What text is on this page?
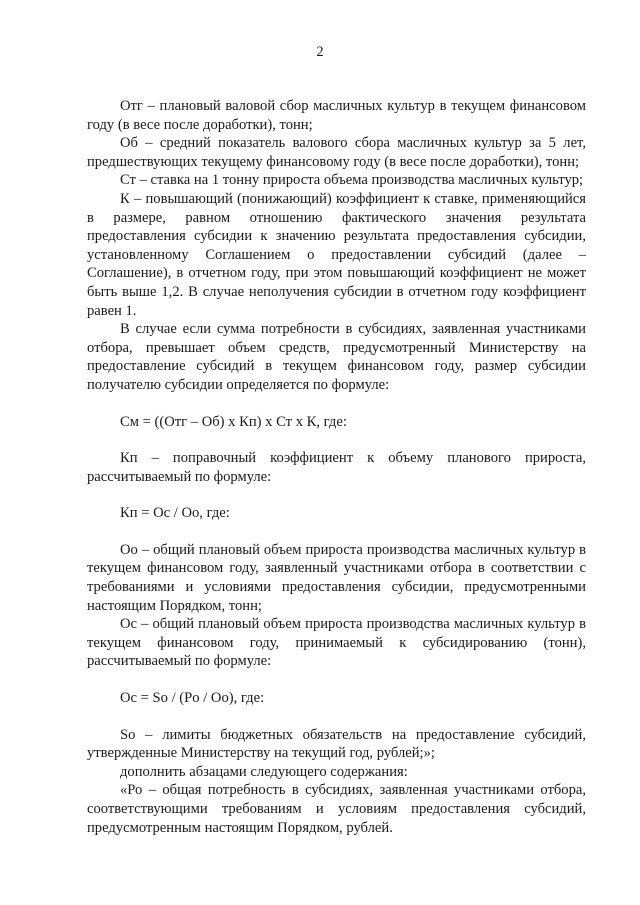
2

Отг – плановый валовой сбор масличных культур в текущем финансовом году (в весе после доработки), тонн;

Об – средний показатель валового сбора масличных культур за 5 лет, предшествующих текущему финансовому году (в весе после доработки), тонн;

Ст – ставка на 1 тонну прироста объема производства масличных культур;

К – повышающий (понижающий) коэффициент к ставке, применяющийся в размере, равном отношению фактического значения результата предоставления субсидии к значению результата предоставления субсидии, установленному Соглашением о предоставлении субсидий (далее – Соглашение), в отчетном году, при этом повышающий коэффициент не может быть выше 1,2. В случае неполучения субсидии в отчетном году коэффициент равен 1.

В случае если сумма потребности в субсидиях, заявленная участниками отбора, превышает объем средств, предусмотренный Министерству на предоставление субсидий в текущем финансовом году, размер субсидии получателю субсидии определяется по формуле:

См = ((Отг – Об) х Кп) х Ст х К, где:

Кп – поправочный коэффициент к объему планового прироста, рассчитываемый по формуле:

Кп = Ос / Оо, где:

Оо – общий плановый объем прироста производства масличных культур в текущем финансовом году, заявленный участниками отбора в соответствии с требованиями и условиями предоставления субсидии, предусмотренными настоящим Порядком, тонн;

Ос – общий плановый объем прироста производства масличных культур в текущем финансовом году, принимаемый к субсидированию (тонн), рассчитываемый по формуле:

Ос = So / (Po / Оо), где:

So – лимиты бюджетных обязательств на предоставление субсидий, утвержденные Министерству на текущий год, рублей;»;

дополнить абзацами следующего содержания:

«Ро – общая потребность в субсидиях, заявленная участниками отбора, соответствующими требованиям и условиям предоставления субсидий, предусмотренным настоящим Порядком, рублей.
